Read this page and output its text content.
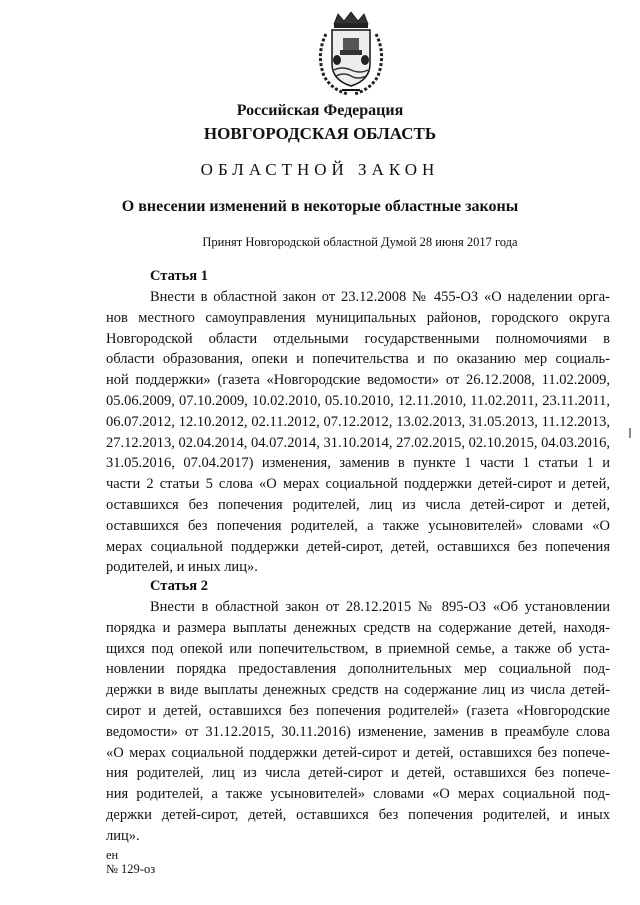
Российская Федерация
НОВГОРОДСКАЯ ОБЛАСТЬ
ОБЛАСТНОЙ ЗАКОН
О внесении изменений в некоторые областные законы
Принят Новгородской областной Думой 28 июня 2017 года
Статья 1
Внести в областной закон от 23.12.2008 № 455-ОЗ «О наделении орга-
нов местного самоуправления муниципальных районов, городского округа
Новгородской области отдельными государственными полномочиями в
области образования, опеки и попечительства и по оказанию мер социаль-
ной поддержки» (газета «Новгородские ведомости» от 26.12.2008, 11.02.2009,
05.06.2009, 07.10.2009, 10.02.2010, 05.10.2010, 12.11.2010, 11.02.2011, 23.11.2011,
06.07.2012, 12.10.2012, 02.11.2012, 07.12.2012, 13.02.2013, 31.05.2013, 11.12.2013,
27.12.2013, 02.04.2014, 04.07.2014, 31.10.2014, 27.02.2015, 02.10.2015, 04.03.2016,
31.05.2016, 07.04.2017) изменения, заменив в пункте 1 части 1 статьи 1 и
части 2 статьи 5 слова «О мерах социальной поддержки детей-сирот и детей,
оставшихся без попечения родителей, лиц из числа детей-сирот и детей,
оставшихся без попечения родителей, а также усыновителей» словами «О
мерах социальной поддержки детей-сирот, детей, оставшихся без попечения
родителей, и иных лиц».
Статья 2
Внести в областной закон от 28.12.2015 № 895-ОЗ «Об установлении
порядка и размера выплаты денежных средств на содержание детей, находя-
щихся под опекой или попечительством, в приемной семье, а также об уста-
новлении порядка предоставления дополнительных мер социальной под-
держки в виде выплаты денежных средств на содержание лиц из числа детей-
сирот и детей, оставшихся без попечения родителей» (газета «Новгородские
ведомости» от 31.12.2015, 30.11.2016) изменение, заменив в преамбуле слова
«О мерах социальной поддержки детей-сирот и детей, оставшихся без попече-
ния родителей, лиц из числа детей-сирот и детей, оставшихся без попече-
ния родителей, а также усыновителей» словами «О мерах социальной под-
держки детей-сирот, детей, оставшихся без попечения родителей, и иных
лиц».
ен
№ 129-оз
